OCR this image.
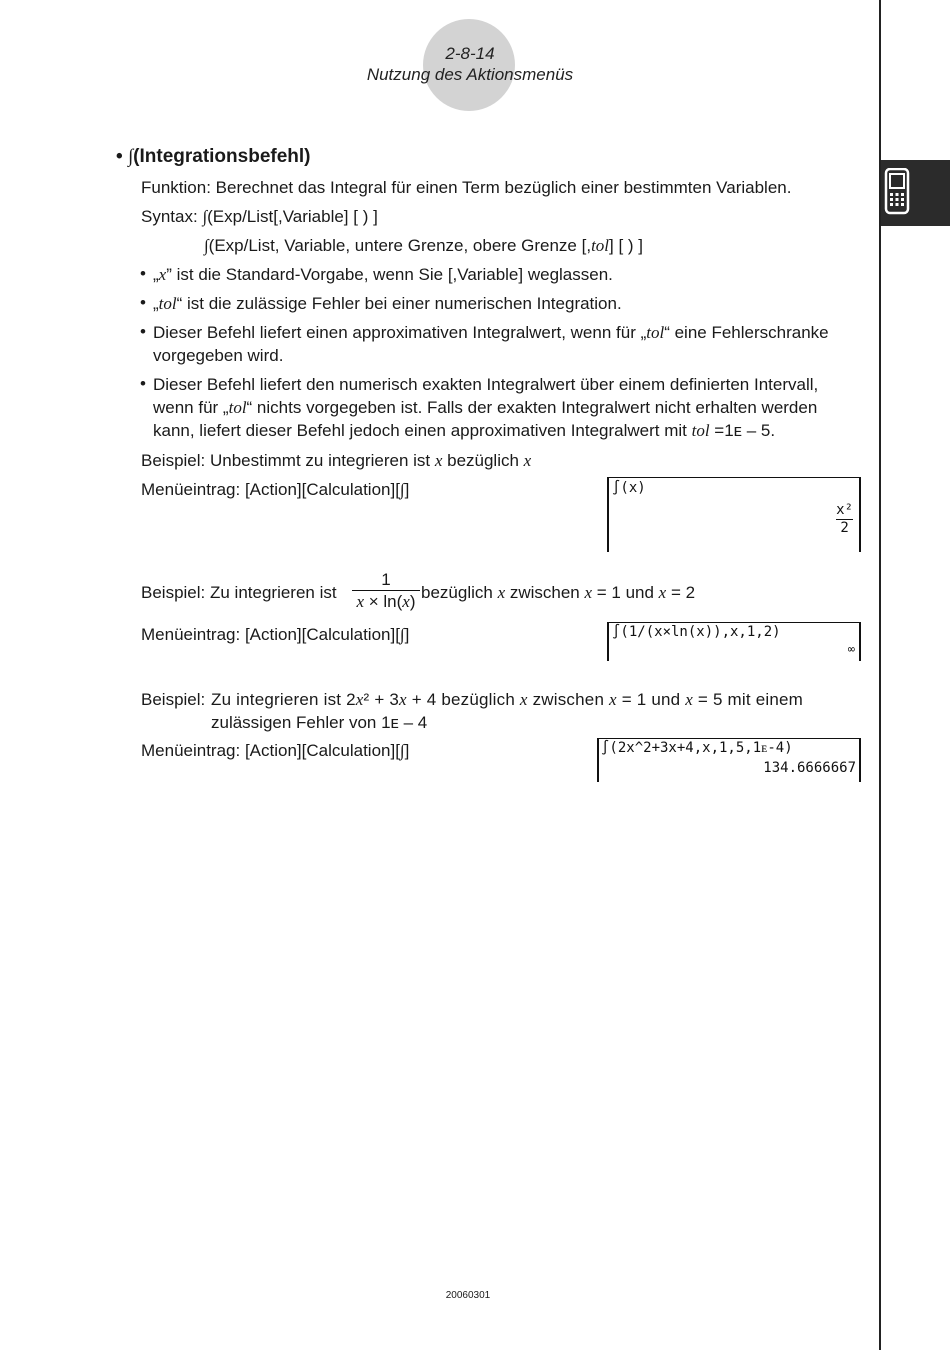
2-8-14
Nutzung des Aktionsmenüs
• ∫(Integrationsbefehl)
Funktion: Berechnet das Integral für einen Term bezüglich einer bestimmten Variablen.
Syntax: ∫(Exp/List[,Variable] [ ) ]
∫(Exp/List, Variable, untere Grenze, obere Grenze [,tol] [ ) ]
• „x” ist die Standard-Vorgabe, wenn Sie [,Variable] weglassen.
• „tol“ ist die zulässige Fehler bei einer numerischen Integration.
• Dieser Befehl liefert einen approximativen Integralwert, wenn für „tol“ eine Fehlerschranke
vorgegeben wird.
• Dieser Befehl liefert den numerisch exakten Integralwert über einem definierten Intervall,
wenn für „tol“ nichts vorgegeben ist. Falls der exakten Integralwert nicht erhalten werden
kann, liefert dieser Befehl jedoch einen approximativen Integralwert mit tol =1ᴇ – 5.
Beispiel: Unbestimmt zu integrieren ist x bezüglich x
Menüeintrag: [Action][Calculation][∫]	∫(x)
$\frac{\text{x²}}{2}$
Beispiel: Zu integrieren ist $\frac{1}{x \times \ln(x)}$ bezüglich x zwischen x = 1 und x = 2
Menüeintrag: [Action][Calculation][∫]	∫(1/(x×ln(x)),x,1,2)
∞
Beispiel: Zu integrieren ist 2x² + 3x + 4 bezüglich x zwischen x = 1 und x = 5 mit einem
zulässigen Fehler von 1ᴇ – 4
Menüeintrag: [Action][Calculation][∫]	∫(2x^2+3x+4,x,1,5,1ᴇ-4)
134.6666667
20060301
